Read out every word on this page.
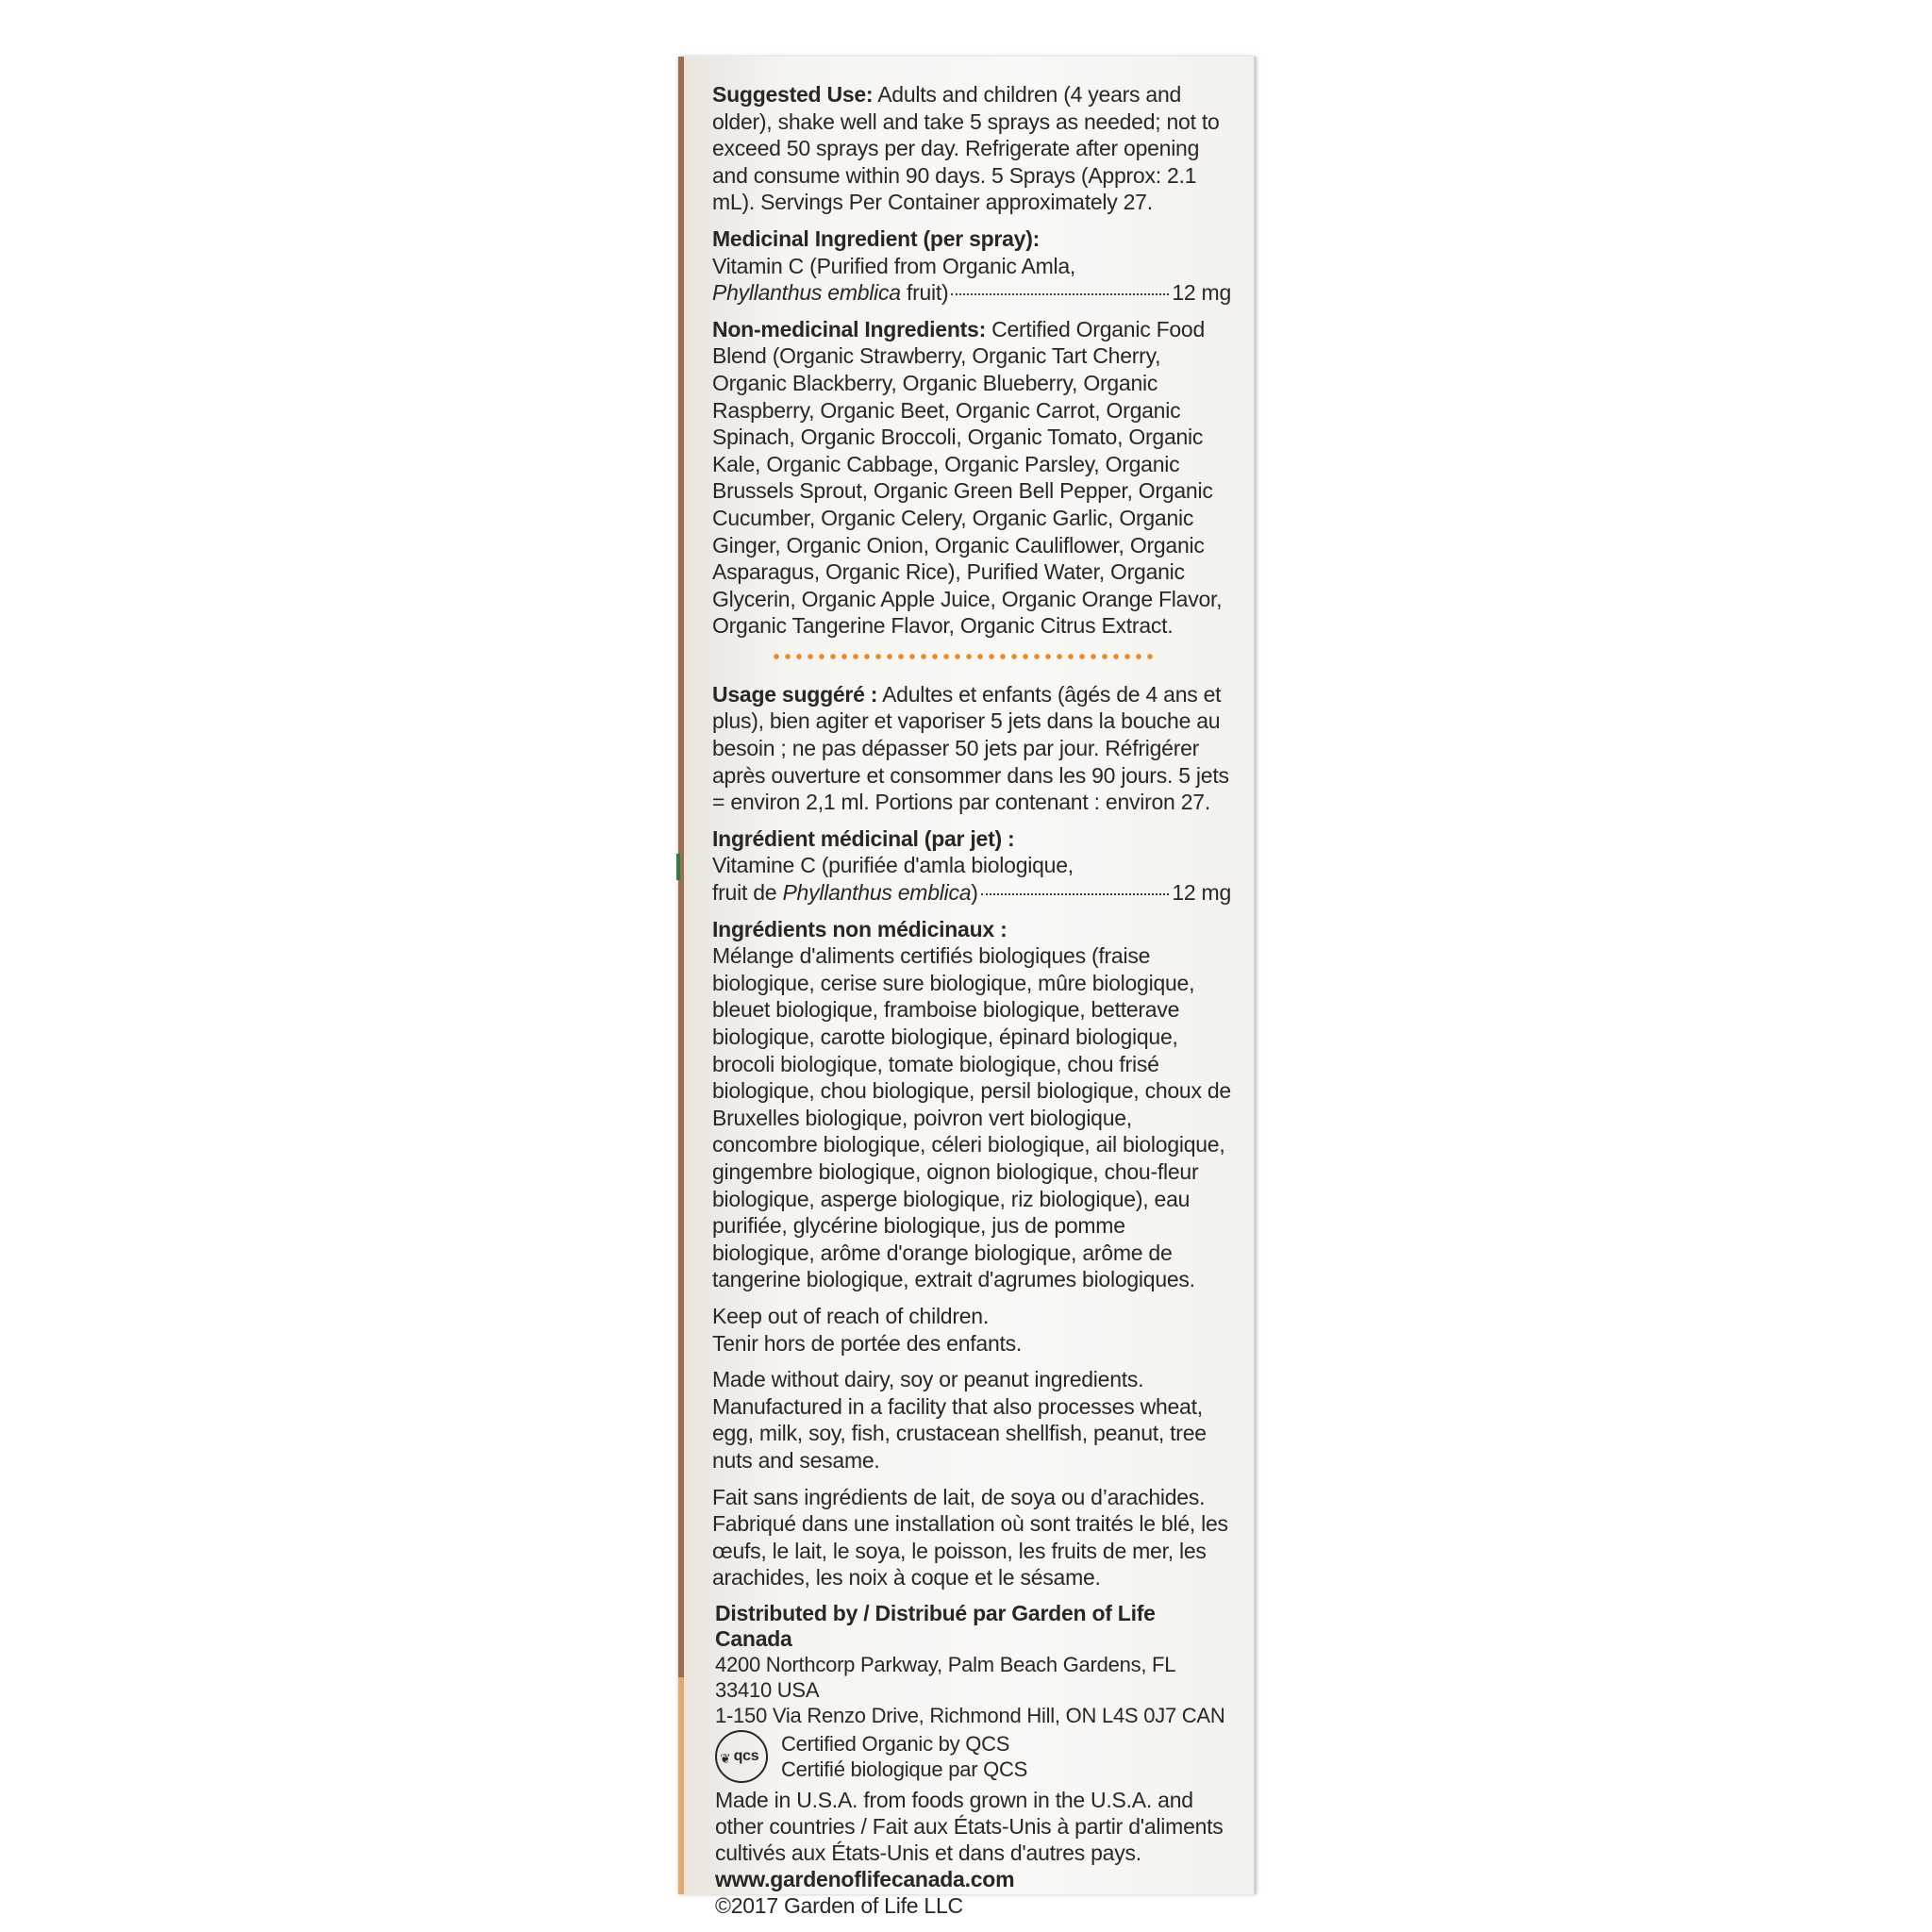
Suggested Use: Adults and children (4 years and older), shake well and take 5 sprays as needed; not to exceed 50 sprays per day. Refrigerate after opening and consume within 90 days. 5 Sprays (Approx: 2.1 mL). Servings Per Container approximately 27.

Medicinal Ingredient (per spray):
Vitamin C (Purified from Organic Amla,
Phyllanthus emblica fruit)	12 mg

Non-medicinal Ingredients: Certified Organic Food Blend (Organic Strawberry, Organic Tart Cherry, Organic Blackberry, Organic Blueberry, Organic Raspberry, Organic Beet, Organic Carrot, Organic Spinach, Organic Broccoli, Organic Tomato, Organic Kale, Organic Cabbage, Organic Parsley, Organic Brussels Sprout, Organic Green Bell Pepper, Organic Cucumber, Organic Celery, Organic Garlic, Organic Ginger, Organic Onion, Organic Cauliflower, Organic Asparagus, Organic Rice), Purified Water, Organic Glycerin, Organic Apple Juice, Organic Orange Flavor, Organic Tangerine Flavor, Organic Citrus Extract.

Usage suggéré : Adultes et enfants (âgés de 4 ans et plus), bien agiter et vaporiser 5 jets dans la bouche au besoin ; ne pas dépasser 50 jets par jour. Réfrigérer après ouverture et consommer dans les 90 jours. 5 jets = environ 2,1 ml. Portions par contenant : environ 27.

Ingrédient médicinal (par jet) :
Vitamine C (purifiée d'amla biologique,
fruit de Phyllanthus emblica)	12 mg
Ingrédients non médicinaux :
Mélange d'aliments certifiés biologiques (fraise biologique, cerise sure biologique, mûre biologique, bleuet biologique, framboise biologique, betterave biologique, carotte biologique, épinard biologique, brocoli biologique, tomate biologique, chou frisé biologique, chou biologique, persil biologique, choux de Bruxelles biologique, poivron vert biologique, concombre biologique, céleri biologique, ail biologique, gingembre biologique, oignon biologique, chou-fleur biologique, asperge biologique, riz biologique), eau purifiée, glycérine biologique, jus de pomme biologique, arôme d'orange biologique, arôme de tangerine biologique, extrait d'agrumes biologiques.
Keep out of reach of children.
Tenir hors de portée des enfants.

Made without dairy, soy or peanut ingredients. Manufactured in a facility that also processes wheat, egg, milk, soy, fish, crustacean shellfish, peanut, tree nuts and sesame.

Fait sans ingrédients de lait, de soya ou d’arachides. Fabriqué dans une installation où sont traités le blé, les œufs, le lait, le soya, le poisson, les fruits de mer, les arachides, les noix à coque et le sésame.

Distributed by / Distribué par Garden of Life Canada
4200 Northcorp Parkway, Palm Beach Gardens, FL 33410 USA
1-150 Via Renzo Drive, Richmond Hill, ON L4S 0J7 CAN
❦ qcs
Certified Organic by QCS
Certifié biologique par QCS
Made in U.S.A. from foods grown in the U.S.A. and other countries / Fait aux États-Unis à partir d'aliments cultivés aux États-Unis et dans d'autres pays.
www.gardenoflifecanada.com
©2017 Garden of Life LLC
